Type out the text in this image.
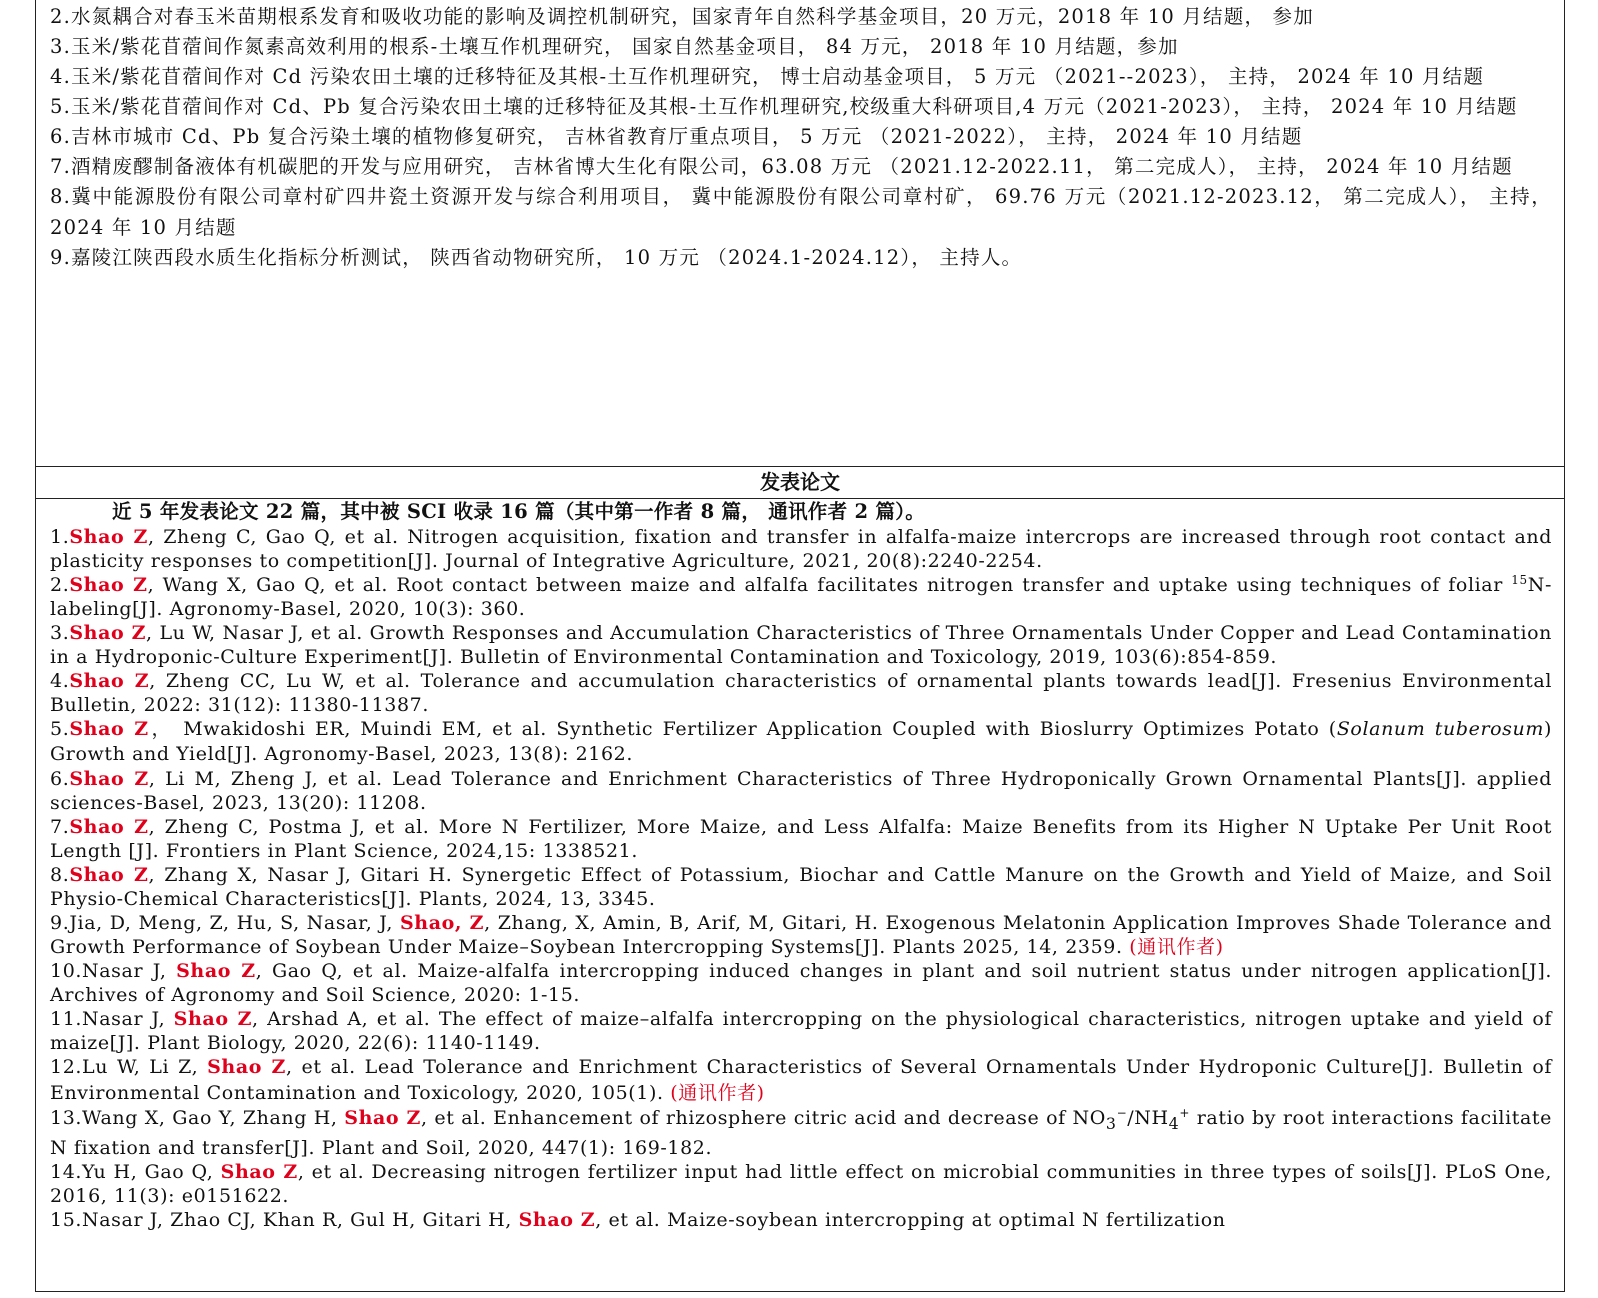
2.水氮耦合对春玉米苗期根系发育和吸收功能的影响及调控机制研究，国家青年自然科学基金项目，20 万元，2018 年 10 月结题， 参加

3.玉米/紫花苜蓿间作氮素高效利用的根系-土壤互作机理研究， 国家自然基金项目， 84 万元， 2018 年 10 月结题，参加

4.玉米/紫花苜蓿间作对 Cd 污染农田土壤的迁移特征及其根-土互作机理研究， 博士启动基金项目， 5 万元 （2021--2023）， 主持， 2024 年 10 月结题

5.玉米/紫花苜蓿间作对 Cd、Pb 复合污染农田土壤的迁移特征及其根-土互作机理研究,校级重大科研项目,4 万元（2021-2023）， 主持， 2024 年 10 月结题

6.吉林市城市 Cd、Pb 复合污染土壤的植物修复研究， 吉林省教育厅重点项目， 5 万元 （2021-2022）， 主持， 2024 年 10 月结题

7.酒精废醪制备液体有机碳肥的开发与应用研究， 吉林省博大生化有限公司，63.08 万元 （2021.12-2022.11， 第二完成人）， 主持， 2024 年 10 月结题

8.冀中能源股份有限公司章村矿四井瓷土资源开发与综合利用项目， 冀中能源股份有限公司章村矿， 69.76 万元（2021.12-2023.12， 第二完成人）， 主持， 2024 年 10 月结题

9.嘉陵江陕西段水质生化指标分析测试， 陕西省动物研究所， 10 万元 （2024.1-2024.12）， 主持人。

发表论文

近 5 年发表论文 22 篇，其中被 SCI 收录 16 篇（其中第一作者 8 篇， 通讯作者 2 篇）。

1.Shao Z, Zheng C, Gao Q, et al. Nitrogen acquisition, fixation and transfer in alfalfa-maize intercrops are increased through root contact and plasticity responses to competition[J]. Journal of Integrative Agriculture, 2021, 20(8):2240-2254.

2.Shao Z, Wang X, Gao Q, et al. Root contact between maize and alfalfa facilitates nitrogen transfer and uptake using techniques of foliar $^{15}$N-labeling[J]. Agronomy-Basel, 2020, 10(3): 360.

3.Shao Z, Lu W, Nasar J, et al. Growth Responses and Accumulation Characteristics of Three Ornamentals Under Copper and Lead Contamination in a Hydroponic-Culture Experiment[J]. Bulletin of Environmental Contamination and Toxicology, 2019, 103(6):854-859.

4.Shao Z, Zheng CC, Lu W, et al. Tolerance and accumulation characteristics of ornamental plants towards lead[J]. Fresenius Environmental Bulletin, 2022: 31(12): 11380-11387.

5.Shao Z， Mwakidoshi ER, Muindi EM, et al. Synthetic Fertilizer Application Coupled with Bioslurry Optimizes Potato (Solanum tuberosum) Growth and Yield[J]. Agronomy-Basel, 2023, 13(8): 2162.

6.Shao Z, Li M, Zheng J, et al. Lead Tolerance and Enrichment Characteristics of Three Hydroponically Grown Ornamental Plants[J]. applied sciences-Basel, 2023, 13(20): 11208.

7.Shao Z, Zheng C, Postma J, et al. More N Fertilizer, More Maize, and Less Alfalfa: Maize Benefits from its Higher N Uptake Per Unit Root Length [J]. Frontiers in Plant Science, 2024,15: 1338521.

8.Shao Z, Zhang X, Nasar J, Gitari H. Synergetic Effect of Potassium, Biochar and Cattle Manure on the Growth and Yield of Maize, and Soil Physio-Chemical Characteristics[J]. Plants, 2024, 13, 3345.

9.Jia, D, Meng, Z, Hu, S, Nasar, J, Shao, Z, Zhang, X, Amin, B, Arif, M, Gitari, H. Exogenous Melatonin Application Improves Shade Tolerance and Growth Performance of Soybean Under Maize–Soybean Intercropping Systems[J]. Plants 2025, 14, 2359. (通讯作者)

10.Nasar J, Shao Z, Gao Q, et al. Maize-alfalfa intercropping induced changes in plant and soil nutrient status under nitrogen application[J]. Archives of Agronomy and Soil Science, 2020: 1-15.

11.Nasar J, Shao Z, Arshad A, et al. The effect of maize–alfalfa intercropping on the physiological characteristics, nitrogen uptake and yield of maize[J]. Plant Biology, 2020, 22(6): 1140-1149.

12.Lu W, Li Z, Shao Z, et al. Lead Tolerance and Enrichment Characteristics of Several Ornamentals Under Hydroponic Culture[J]. Bulletin of Environmental Contamination and Toxicology, 2020, 105(1). (通讯作者)

13.Wang X, Gao Y, Zhang H, Shao Z, et al. Enhancement of rhizosphere citric acid and decrease of $NO_3^-/NH_4^+$ ratio by root interactions facilitate N fixation and transfer[J]. Plant and Soil, 2020, 447(1): 169-182.

14.Yu H, Gao Q, Shao Z, et al. Decreasing nitrogen fertilizer input had little effect on microbial communities in three types of soils[J]. PLoS One, 2016, 11(3): e0151622.

15.Nasar J, Zhao CJ, Khan R, Gul H, Gitari H, Shao Z, et al. Maize-soybean intercropping at optimal N fertilization
